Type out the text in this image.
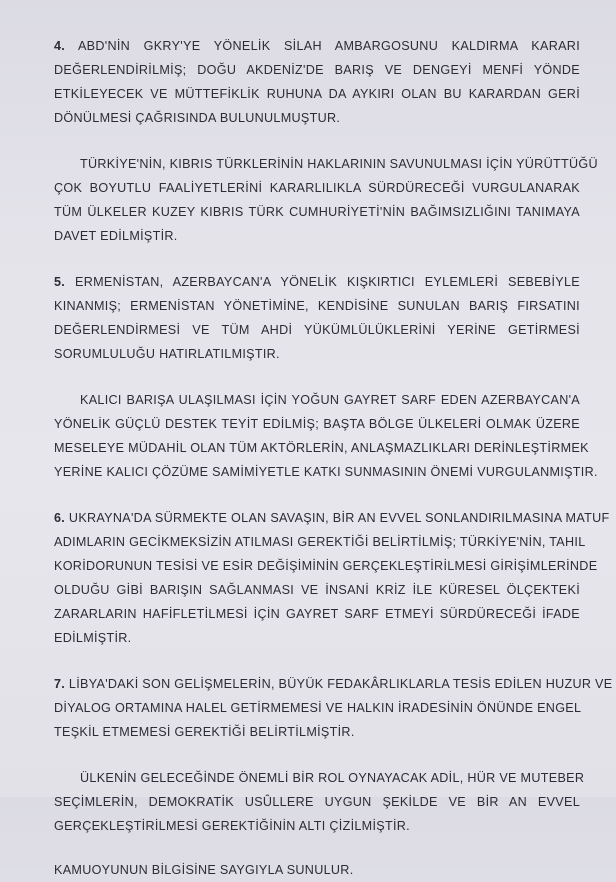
4. ABD'NİN GKRY'YE YÖNELİK SİLAH AMBARGOSUNU KALDIRMA KARARI
DEĞERLENDİRİLMİŞ; DOĞU AKDENİZ'DE BARIŞ VE DENGEYİ MENFİ YÖNDE
ETKİLEYECEK VE MÜTTEFİKLİK RUHUNA DA AYKIRI OLAN BU KARARDAN GERİ
DÖNÜLMESİ ÇAĞRISINDA BULUNULMUŞTUR.

TÜRKİYE'NİN, KIBRIS TÜRKLERİNİN HAKLARININ SAVUNULMASI İÇİN YÜRÜTTÜĞÜ
ÇOK BOYUTLU FAALİYETLERİNİ KARARLILIKLA SÜRDÜRECEĞİ VURGULANARAK
TÜM ÜLKELER KUZEY KIBRIS TÜRK CUMHURİYETİ'NİN BAĞIMSIZLIĞINI TANIMAYA
DAVET EDİLMİŞTİR.

5. ERMENİSTAN, AZERBAYCAN'A YÖNELİK KIŞKIRTICI EYLEMLERİ SEBEBİYLE
KINANMIŞ; ERMENİSTAN YÖNETİMİNE, KENDİSİNE SUNULAN BARIŞ FIRSATINI
DEĞERLENDİRMESİ VE TÜM AHDİ YÜKÜMLÜLÜKLERİNİ YERİNE GETİRMESİ
SORUMLULUĞU HATIRLATILMIŞTIR.

KALICI BARIŞA ULAŞILMASI İÇİN YOĞUN GAYRET SARF EDEN AZERBAYCAN'A
YÖNELİK GÜÇLÜ DESTEK TEYİT EDİLMİŞ; BAŞTA BÖLGE ÜLKELERİ OLMAK ÜZERE
MESELEYE MÜDAHİL OLAN TÜM AKTÖRLERİN, ANLAŞMAZLIKLARI DERİNLEŞTİRMEK
YERİNE KALICI ÇÖZÜME SAMİMİYETLE KATKI SUNMASININ ÖNEMİ VURGULANMIŞTIR.

6. UKRAYNA'DA SÜRMEKTE OLAN SAVAŞIN, BİR AN EVVEL SONLANDIRILMASINA MATUF
ADIMLARIN GECİKMEKSİZİN ATILMASI GEREKTİĞİ BELİRTİLMİŞ; TÜRKİYE'NİN, TAHIL
KORİDORUNUN TESİSİ VE ESİR DEĞİŞİMİNİN GERÇEKLEŞTİRİLMESİ GİRİŞİMLERİNDE
OLDUĞU GİBİ BARIŞIN SAĞLANMASI VE İNSANİ KRİZ İLE KÜRESEL ÖLÇEKTEKİ
ZARARLARIN HAFİFLETİLMESİ İÇİN GAYRET SARF ETMEYİ SÜRDÜRECEĞİ İFADE
EDİLMİŞTİR.

7. LİBYA'DAKİ SON GELİŞMELERİN, BÜYÜK FEDAKÂRLIKLARLA TESİS EDİLEN HUZUR VE
DİYALOG ORTAMINA HALEL GETİRMEMESİ VE HALKIN İRADESİNİN ÖNÜNDE ENGEL
TEŞKİL ETMEMESİ GEREKTİĞİ BELİRTİLMİŞTİR.

ÜLKENİN GELECEĞİNDE ÖNEMLİ BİR ROL OYNAYACAK ADİL, HÜR VE MUTEBER
SEÇİMLERİN, DEMOKRATİK USÛLLERE UYGUN ŞEKİLDE VE BİR AN EVVEL
GERÇEKLEŞTİRİLMESİ GEREKTİĞİNİN ALTI ÇİZİLMİŞTİR.

KAMUOYUNUN BİLGİSİNE SAYGIYLA SUNULUR.
